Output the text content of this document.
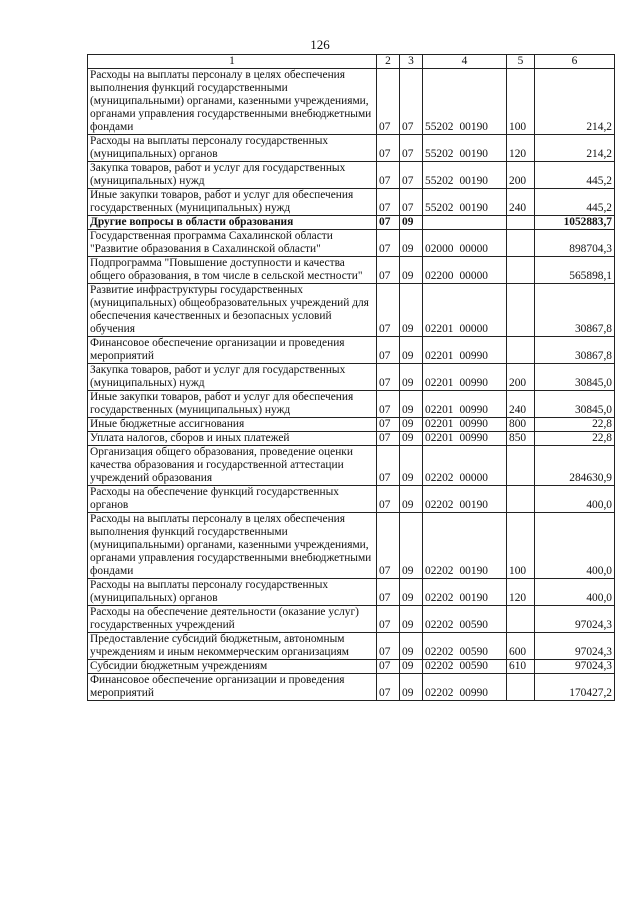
126
1	2	3	4	5	6
Расходы на выплаты персоналу в целях обеспечения выполнения функций государственными (муниципальными) органами, казенными учреждениями, органами управления государственными внебюджетными фондами	07	07	55202 00190	100	214,2
Расходы на выплаты персоналу государственных (муниципальных) органов	07	07	55202 00190	120	214,2
Закупка товаров, работ и услуг для государственных (муниципальных) нужд	07	07	55202 00190	200	445,2
Иные закупки товаров, работ и услуг для обеспечения государственных (муниципальных) нужд	07	07	55202 00190	240	445,2
Другие вопросы в области образования	07	09			1052883,7
Государственная программа Сахалинской области "Развитие образования в Сахалинской области"	07	09	02000 00000		898704,3
Подпрограмма "Повышение доступности и качества общего образования, в том числе в сельской местности"	07	09	02200 00000		565898,1
Развитие инфраструктуры государственных (муниципальных) общеобразовательных учреждений для обеспечения качественных и безопасных условий обучения	07	09	02201 00000		30867,8
Финансовое обеспечение организации и проведения мероприятий	07	09	02201 00990		30867,8
Закупка товаров, работ и услуг для государственных (муниципальных) нужд	07	09	02201 00990	200	30845,0
Иные закупки товаров, работ и услуг для обеспечения государственных (муниципальных) нужд	07	09	02201 00990	240	30845,0
Иные бюджетные ассигнования	07	09	02201 00990	800	22,8
Уплата налогов, сборов и иных платежей	07	09	02201 00990	850	22,8
Организация общего образования, проведение оценки качества образования и государственной аттестации учреждений образования	07	09	02202 00000		284630,9
Расходы на обеспечение функций государственных органов	07	09	02202 00190		400,0
Расходы на выплаты персоналу в целях обеспечения выполнения функций государственными (муниципальными) органами, казенными учреждениями, органами управления государственными внебюджетными фондами	07	09	02202 00190	100	400,0
Расходы на выплаты персоналу государственных (муниципальных) органов	07	09	02202 00190	120	400,0
Расходы на обеспечение деятельности (оказание услуг) государственных учреждений	07	09	02202 00590		97024,3
Предоставление субсидий бюджетным, автономным учреждениям и иным некоммерческим организациям	07	09	02202 00590	600	97024,3
Субсидии бюджетным учреждениям	07	09	02202 00590	610	97024,3
Финансовое обеспечение организации и проведения мероприятий	07	09	02202 00990		170427,2
